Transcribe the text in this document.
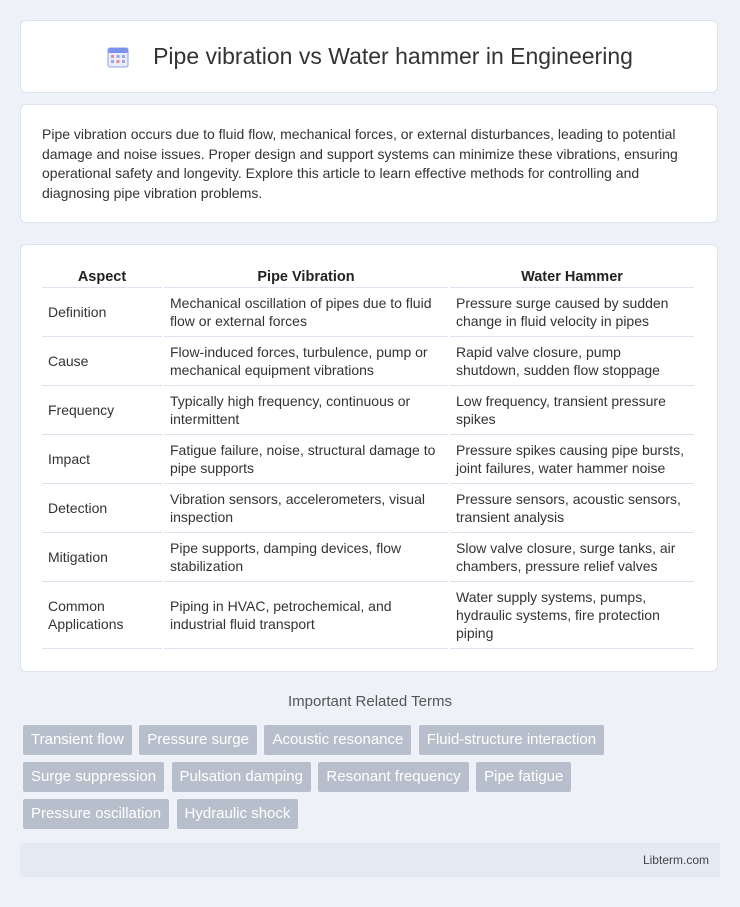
Pipe vibration vs Water hammer in Engineering

Pipe vibration occurs due to fluid flow, mechanical forces, or external disturbances, leading to potential damage and noise issues. Proper design and support systems can minimize these vibrations, ensuring operational safety and longevity. Explore this article to learn effective methods for controlling and diagnosing pipe vibration problems.

Aspect	Pipe Vibration	Water Hammer
Definition	Mechanical oscillation of pipes due to fluid flow or external forces	Pressure surge caused by sudden change in fluid velocity in pipes
Cause	Flow-induced forces, turbulence, pump or mechanical equipment vibrations	Rapid valve closure, pump shutdown, sudden flow stoppage
Frequency	Typically high frequency, continuous or intermittent	Low frequency, transient pressure spikes
Impact	Fatigue failure, noise, structural damage to pipe supports	Pressure spikes causing pipe bursts, joint failures, water hammer noise
Detection	Vibration sensors, accelerometers, visual inspection	Pressure sensors, acoustic sensors, transient analysis
Mitigation	Pipe supports, damping devices, flow stabilization	Slow valve closure, surge tanks, air chambers, pressure relief valves
Common Applications	Piping in HVAC, petrochemical, and industrial fluid transport	Water supply systems, pumps, hydraulic systems, fire protection piping
Important Related Terms
Transient flow Pressure surge Acoustic resonance Fluid-structure interaction Surge suppression Pulsation damping Resonant frequency Pipe fatigue Pressure oscillation Hydraulic shock
Libterm.com
